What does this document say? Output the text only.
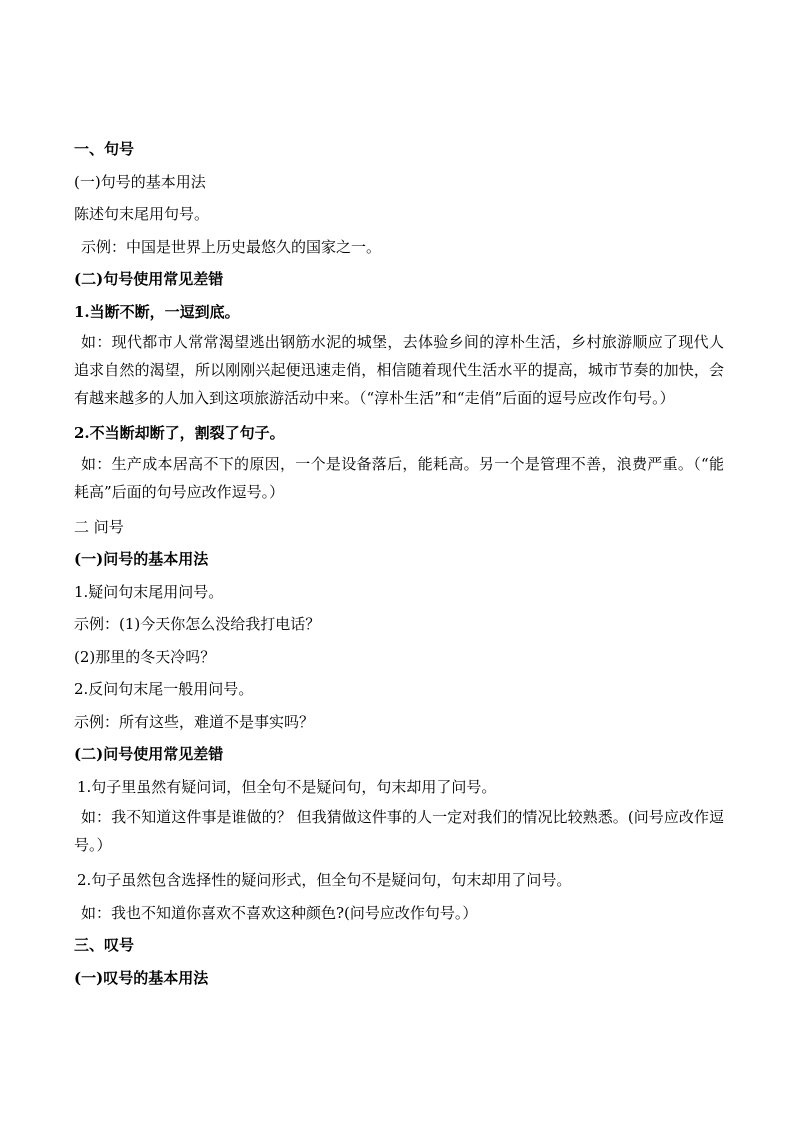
一、句号
(一)句号的基本用法
陈述句末尾用句号。
示例：中国是世界上历史最悠久的国家之一。
(二)句号使用常见差错
1.当断不断，一逗到底。
如：现代都市人常常渴望逃出钢筋水泥的城堡，去体验乡间的淳朴生活，乡村旅游顺应了现代人追求自然的渴望，所以刚刚兴起便迅速走俏，相信随着现代生活水平的提高，城市节奏的加快，会有越来越多的人加入到这项旅游活动中来。（“淳朴生活”和“走俏”后面的逗号应改作句号。）
2.不当断却断了，割裂了句子。
如：生产成本居高不下的原因，一个是设备落后，能耗高。另一个是管理不善，浪费严重。（“能耗高”后面的句号应改作逗号。）
二 问号
(一)问号的基本用法
1.疑问句末尾用问号。
示例：(1)今天你怎么没给我打电话？
(2)那里的冬天冷吗？
2.反问句末尾一般用问号。
示例：所有这些，难道不是事实吗？
(二)问号使用常见差错
1.句子里虽然有疑问词，但全句不是疑问句，句末却用了问号。
如：我不知道这件事是谁做的？ 但我猜做这件事的人一定对我们的情况比较熟悉。(问号应改作逗号。）
2.句子虽然包含选择性的疑问形式，但全句不是疑问句，句末却用了问号。
如：我也不知道你喜欢不喜欢这种颜色?(问号应改作句号。）
三、叹号
(一)叹号的基本用法
